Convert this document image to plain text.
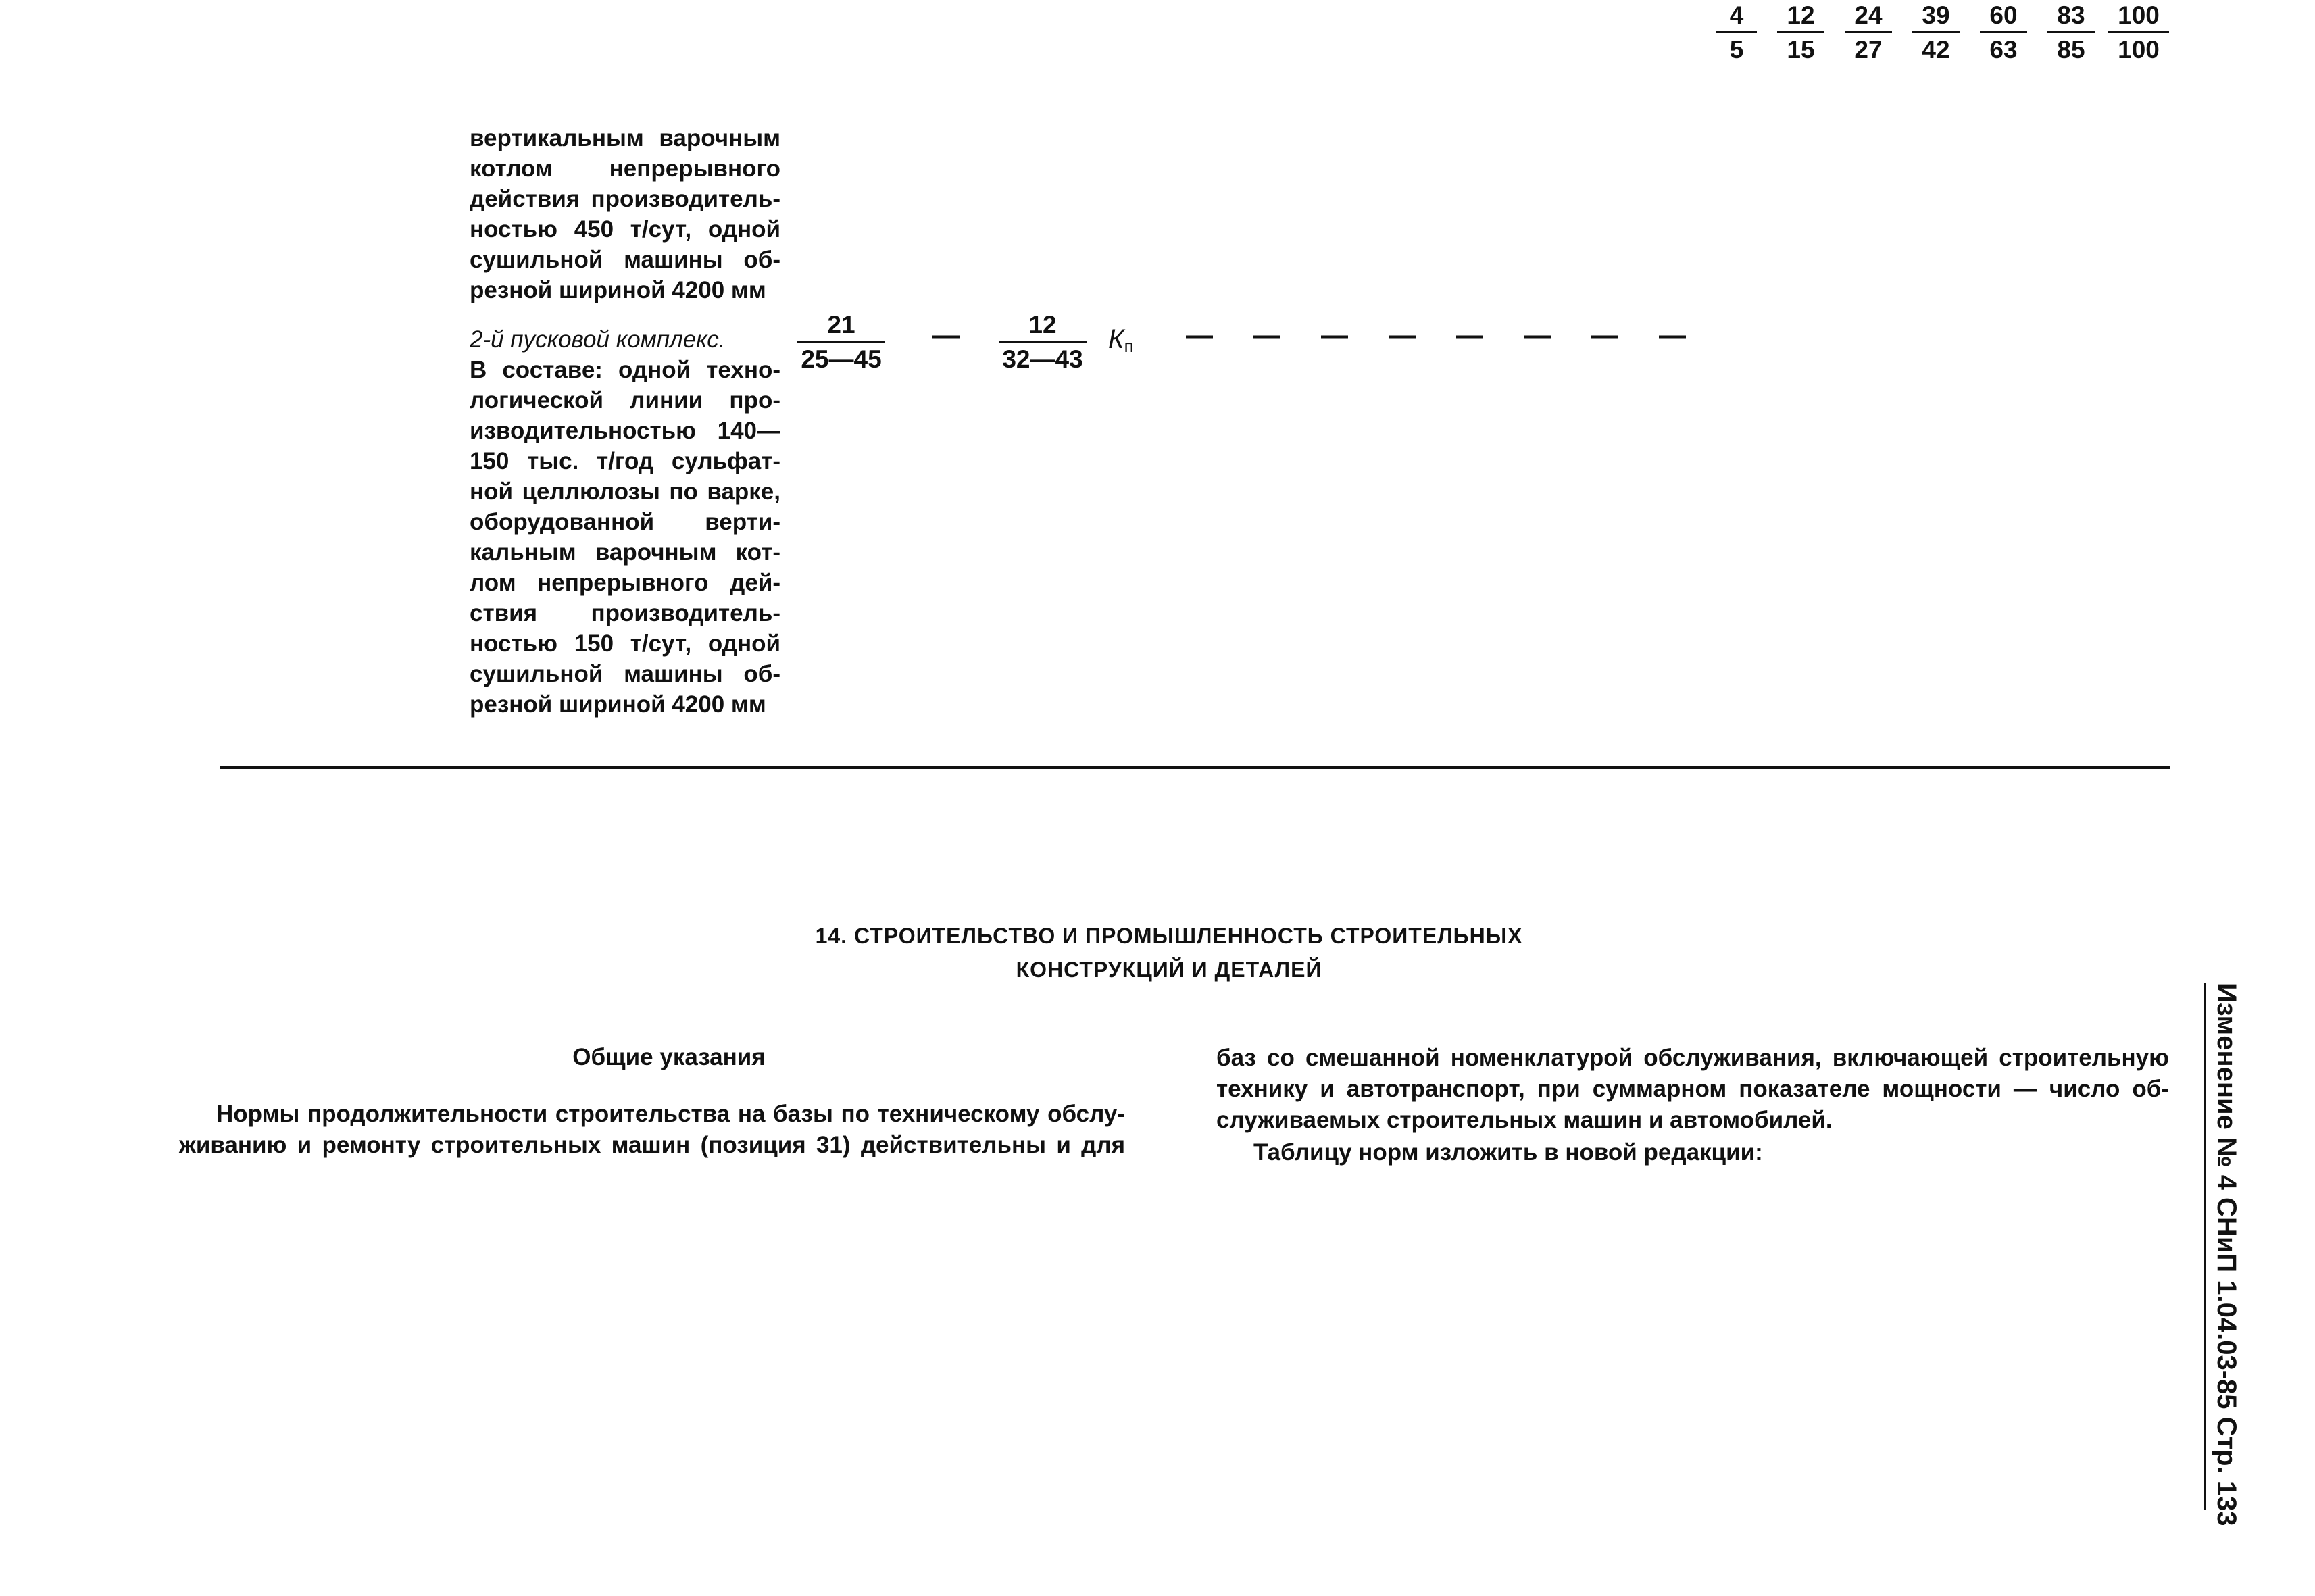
вертикальным варочным
котлом непрерывного
действия производитель-
ностью 450 т/сут, одной
сушильной машины об-
резной шириной 4200 мм
2-й пусковой комплекс.
В составе: одной техно-
логической линии про-
изводительностью 140—
150 тыс. т/год сульфат-
ной целлюлозы по варке,
оборудованной верти-
кальным варочным кот-
лом непрерывного дей-
ствия производитель-
ностью 150 т/сут, одной
сушильной машины об-
резной шириной 4200 мм
$\frac{21}{25—45}$ — $\frac{12}{32—43}$ Кп — — — — — — — —
$\frac{4}{5} \frac{12}{15} \frac{24}{27} \frac{39}{42} \frac{60}{63} \frac{83}{85} \frac{100}{100}$
14. СТРОИТЕЛЬСТВО И ПРОМЫШЛЕННОСТЬ СТРОИТЕЛЬНЫХ
КОНСТРУКЦИЙ И ДЕТАЛЕЙ
Общие указания
Нормы продолжительности строительства на базы по техническому обслу-
живанию и ремонту строительных машин (позиция 31) действительны и для
баз со смешанной номенклатурой обслуживания, включающей строительную
технику и автотранспорт, при суммарном показателе мощности — число об-
служиваемых строительных машин и автомобилей.
Таблицу норм изложить в новой редакции:	Изменение № 4 СНиП 1.04.03-85 Стр. 133
